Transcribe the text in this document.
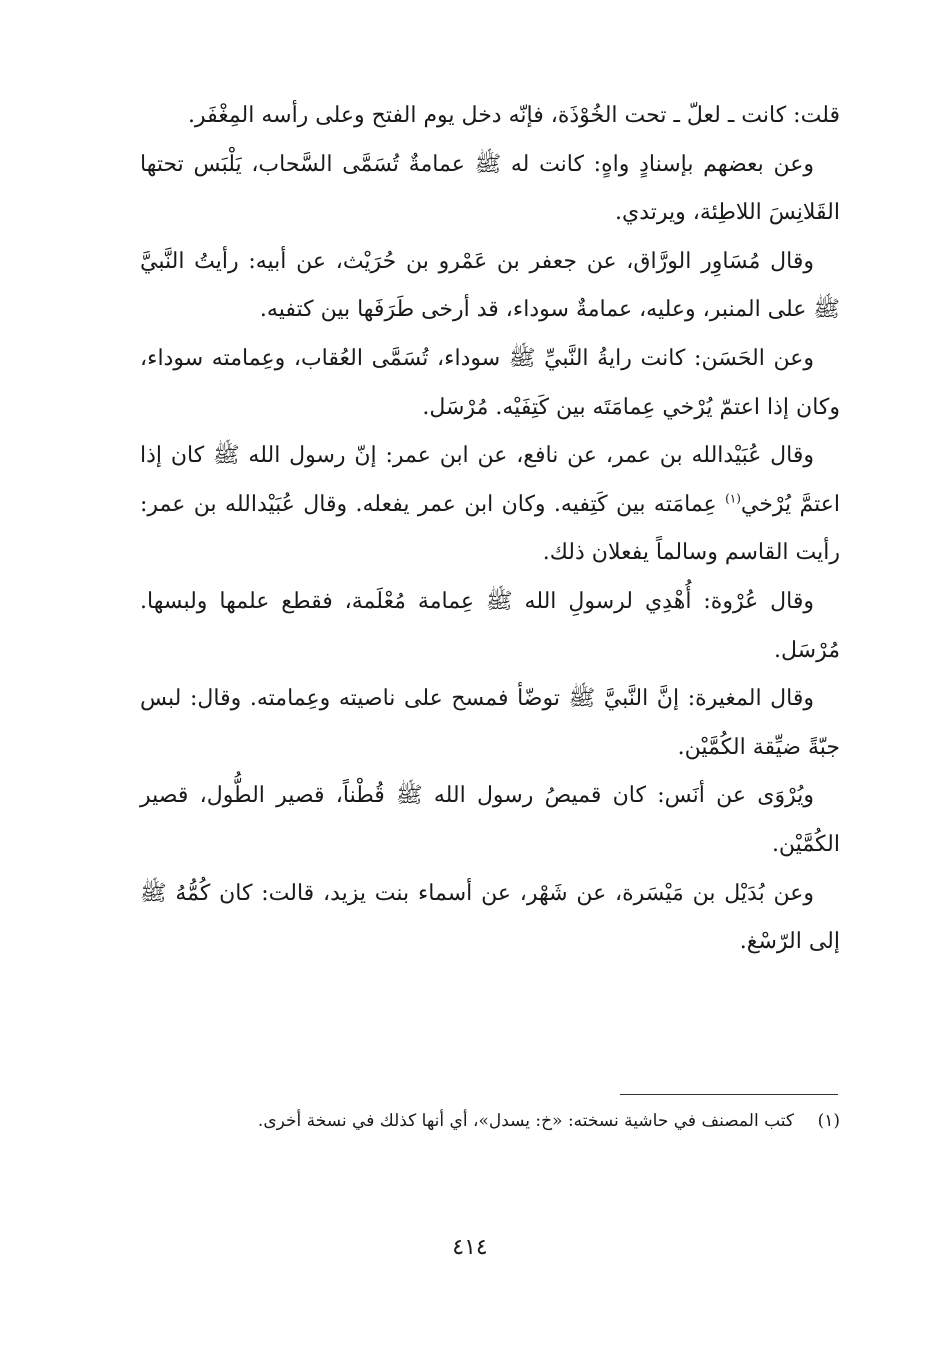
قلت: كانت ـ لعلّ ـ تحت الخُوْذَة، فإنّه دخل يوم الفتح وعلى رأسه المِغْفَر.

وعن بعضهم بإسنادٍ واهٍ: كانت له ﷺ عمامةٌ تُسَمَّى السَّحاب، يَلْبَس تحتها القَلانِسَ اللاطِئة، ويرتدي.

وقال مُسَاوِر الورَّاق، عن جعفر بن عَمْرو بن حُرَيْث، عن أبيه: رأيتُ النَّبيَّ ﷺ على المنبر، وعليه، عمامةٌ سوداء، قد أرخى طَرَفَها بين كتفيه.

وعن الحَسَن: كانت رايةُ النَّبيِّ ﷺ سوداء، تُسَمَّى العُقاب، وعِمامته سوداء، وكان إذا اعتمّ يُرْخي عِمامَتَه بين كَتِفَيْه. مُرْسَل.

وقال عُبَيْدالله بن عمر، عن نافع، عن ابن عمر: إنّ رسول الله ﷺ كان إذا اعتمَّ يُرْخي$^{(١)}$ عِمامَته بين كَتِفيه. وكان ابن عمر يفعله. وقال عُبَيْدالله بن عمر: رأيت القاسم وسالماً يفعلان ذلك.

وقال عُرْوة: أُهْدِي لرسولِ الله ﷺ عِمامة مُعْلَمة، فقطع علمها ولبسها. مُرْسَل.

وقال المغيرة: إنَّ النَّبيَّ ﷺ توضّأ فمسح على ناصيته وعِمامته. وقال: لبس جبّةً ضيِّقة الكُمَّيْن.

ويُرْوَى عن أنَس: كان قميصُ رسول الله ﷺ قُطْناً، قصير الطُّول، قصير الكُمَّيْن.

وعن بُدَيْل بن مَيْسَرة، عن شَهْر، عن أسماء بنت يزيد، قالت: كان كُمُّهُ ﷺ إلى الرّسْغ.

(١)كتب المصنف في حاشية نسخته: «خ: يسدل»، أي أنها كذلك في نسخة أخرى.

٤١٤
